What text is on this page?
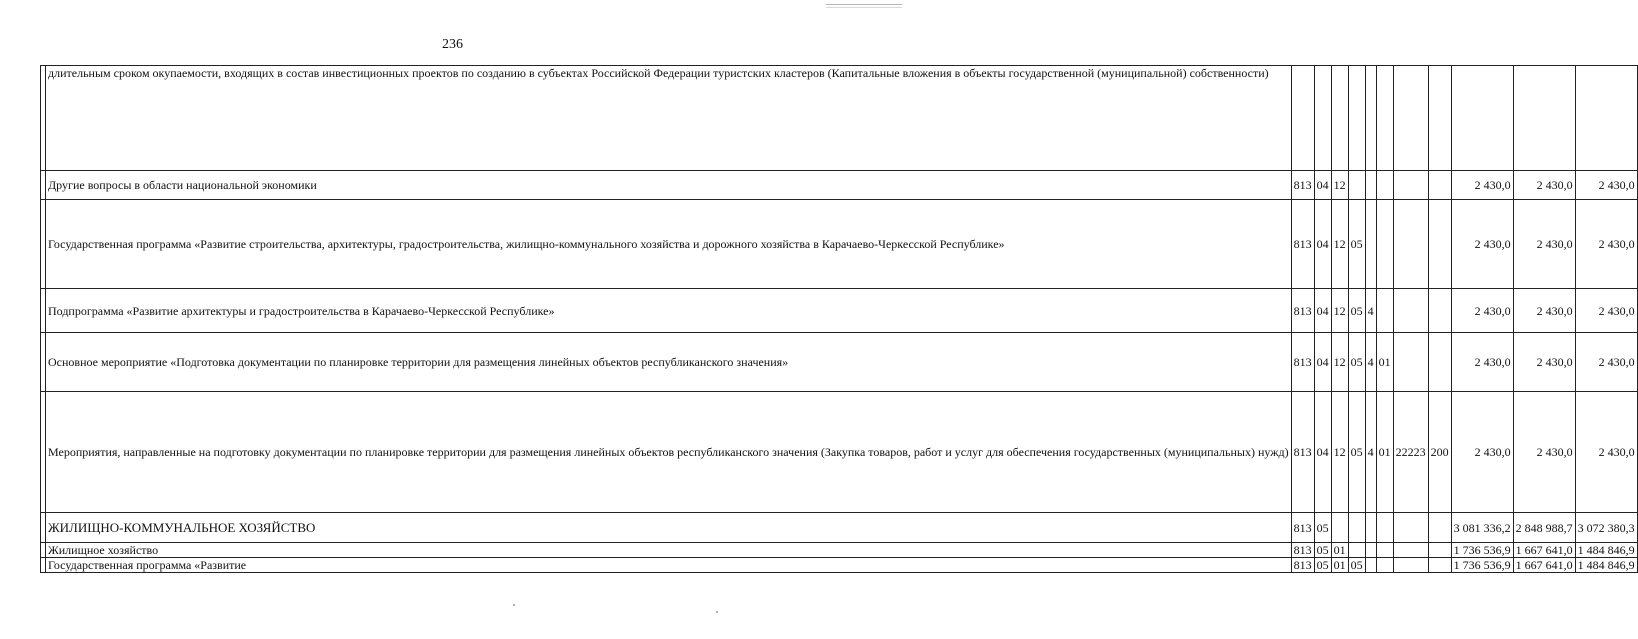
236
	длительным сроком окупаемости, входящих в состав инвестиционных проектов по созданию в субъектах Российской Федерации туристских кластеров (Капитальные вложения в объекты государственной (муниципальной) собственности)											
	Другие вопросы в области национальной экономики	813	04	12						2 430,0	2 430,0	2 430,0
	Государственная программа «Развитие строительства, архитектуры, градостроительства, жилищно-коммунального хозяйства и дорожного хозяйства в Карачаево-Черкесской Республике»	813	04	12	05					2 430,0	2 430,0	2 430,0
	Подпрограмма «Развитие архитектуры и градостроительства в Карачаево-Черкесской Республике»	813	04	12	05	4				2 430,0	2 430,0	2 430,0
	Основное мероприятие «Подготовка документации по планировке территории для размещения линейных объектов республиканского значения»	813	04	12	05	4	01			2 430,0	2 430,0	2 430,0
	Мероприятия, направленные на подготовку документации по планировке территории для размещения линейных объектов республиканского значения (Закупка товаров, работ и услуг для обеспечения государственных (муниципальных) нужд)	813	04	12	05	4	01	22223	200	2 430,0	2 430,0	2 430,0
	ЖИЛИЩНО-КОММУНАЛЬНОЕ ХОЗЯЙСТВО	813	05							3 081 336,2	2 848 988,7	3 072 380,3
	Жилищное хозяйство	813	05	01						1 736 536,9	1 667 641,0	1 484 846,9
	Государственная программа «Развитие	813	05	01	05					1 736 536,9	1 667 641,0	1 484 846,9
